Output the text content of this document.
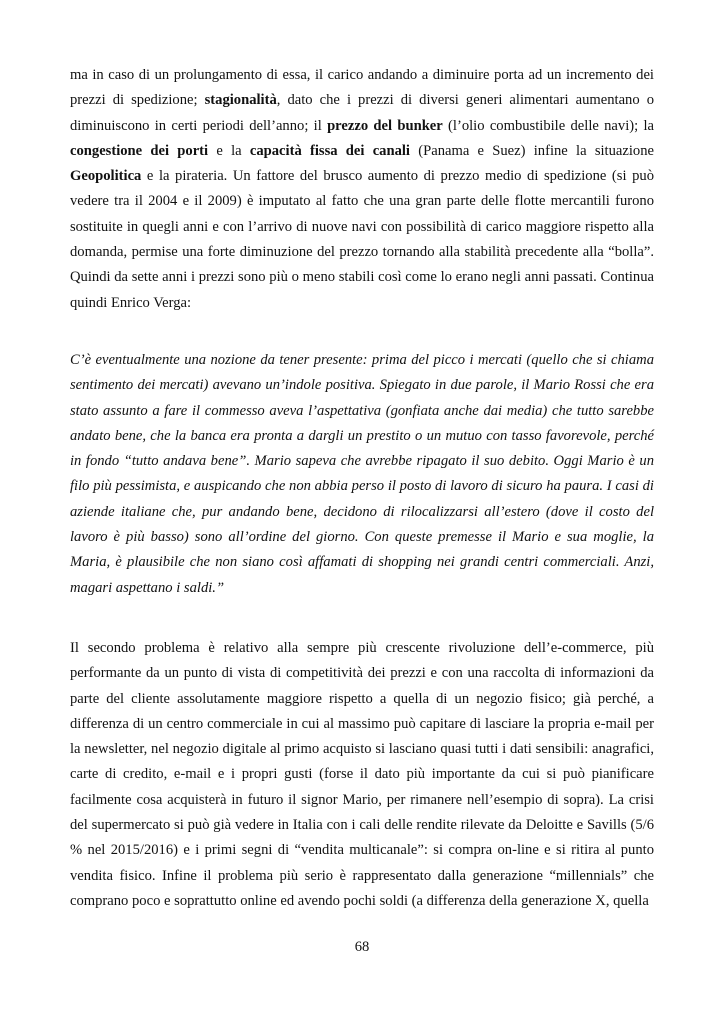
ma in caso di un prolungamento di essa, il carico andando a diminuire porta ad un incremento dei prezzi di spedizione; stagionalità, dato che i prezzi di diversi generi alimentari aumentano o diminuiscono in certi periodi dell’anno; il prezzo del bunker (l’olio combustibile delle navi); la congestione dei porti e la capacità fissa dei canali (Panama e Suez) infine la situazione Geopolitica e la pirateria. Un fattore del brusco aumento di prezzo medio di spedizione (si può vedere tra il 2004 e il 2009) è imputato al fatto che una gran parte delle flotte mercantili furono sostituite in quegli anni e con l’arrivo di nuove navi con possibilità di carico maggiore rispetto alla domanda, permise una forte diminuzione del prezzo tornando alla stabilità precedente alla “bolla”. Quindi da sette anni i prezzi sono più o meno stabili così come lo erano negli anni passati. Continua quindi Enrico Verga:

C’è eventualmente una nozione da tener presente: prima del picco i mercati (quello che si chiama sentimento dei mercati) avevano un’indole positiva. Spiegato in due parole, il Mario Rossi che era stato assunto a fare il commesso aveva l’aspettativa (gonfiata anche dai media) che tutto sarebbe andato bene, che la banca era pronta a dargli un prestito o un mutuo con tasso favorevole, perché in fondo “tutto andava bene”. Mario sapeva che avrebbe ripagato il suo debito. Oggi Mario è un filo più pessimista, e auspicando che non abbia perso il posto di lavoro di sicuro ha paura. I casi di aziende italiane che, pur andando bene, decidono di rilocalizzarsi all’estero (dove il costo del lavoro è più basso) sono all’ordine del giorno. Con queste premesse il Mario e sua moglie, la Maria, è plausibile che non siano così affamati di shopping nei grandi centri commerciali. Anzi, magari aspettano i saldi.”

Il secondo problema è relativo alla sempre più crescente rivoluzione dell’e-commerce, più performante da un punto di vista di competitività dei prezzi e con una raccolta di informazioni da parte del cliente assolutamente maggiore rispetto a quella di un negozio fisico; già perché, a differenza di un centro commerciale in cui al massimo può capitare di lasciare la propria e-mail per la newsletter, nel negozio digitale al primo acquisto si lasciano quasi tutti i dati sensibili: anagrafici, carte di credito, e-mail e i propri gusti (forse il dato più importante da cui si può pianificare facilmente cosa acquisterà in futuro il signor Mario, per rimanere nell’esempio di sopra). La crisi del supermercato si può già vedere in Italia con i cali delle rendite rilevate da Deloitte e Savills (5/6 % nel 2015/2016) e i primi segni di “vendita multicanale”: si compra on-line e si ritira al punto vendita fisico. Infine il problema più serio è rappresentato dalla generazione “millennials” che comprano poco e soprattutto online ed avendo pochi soldi (a differenza della generazione X, quella

68
